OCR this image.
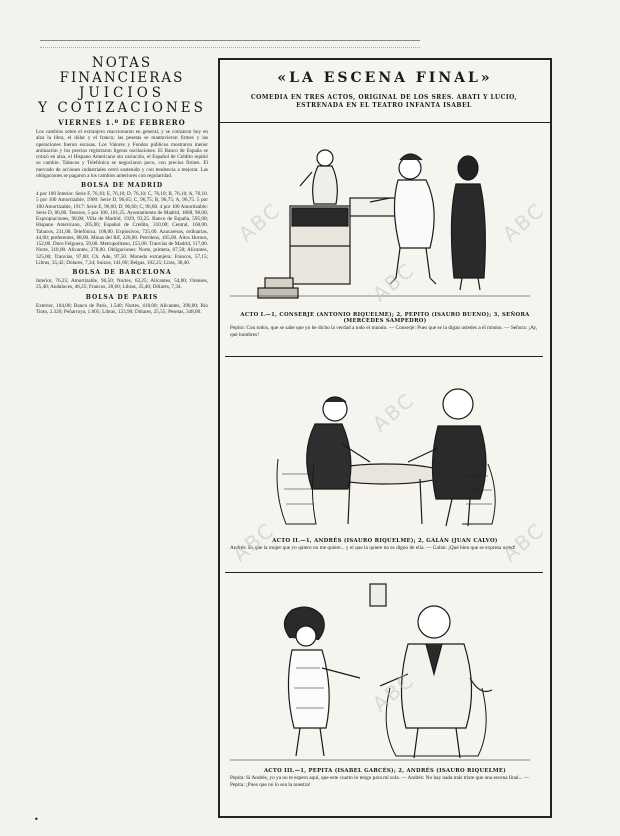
NOTAS FINANCIERAS

JUICIOS

Y COTIZACIONES

VIERNES 1.º DE FEBRERO

Los cambios sobre el extranjero reaccionaron en general, y se cotizaron hoy en alza la libra, el dólar y el franco; las pesetas se mantuvieron firmes y las operaciones fueron escasas. Los Valores y Fondos públicos mostraron menor animación y los precios registraron ligeras oscilaciones. El Banco de España se cotizó en alza, el Hispano Americano sin variación, el Español de Crédito repitió su cambio. Tabacos y Telefónica se negociaron poco, con precios firmes. El mercado de acciones industriales cerró sostenido y con tendencia a mejorar. Las obligaciones se pagaron a los cambios anteriores con regularidad.
BOLSA DE MADRID
4 por 100 Interior. Serie F, 76,10; E, 76,10; D, 76,10; C, 76,10; B, 76,10; A, 76,10. 5 por 100 Amortizable, 1900: Serie D, 96,65; C, 96,75; B, 96,75; A, 96,75. 5 por 100 Amortizable, 1917: Serie E, 96,60; D, 96,60; C, 96,60. 4 por 100 Amortizable: Serie D, 86,00. Tesoros, 5 por 100, 101,25. Ayuntamiento de Madrid, 1868, 98,00; Expropiaciones, 98,00; Villa de Madrid, 1929, 93,25. Banco de España, 595,00; Hispano Americano, 205,00; Español de Crédito, 310,00; Central, 160,00. Tabacos, 231,00. Telefónica, 108,00. Explosivos, 725,00. Azucareras, ordinarias, 44,00; preferentes, 88,00. Minas del Rif, 226,00. Petróleos, 105,00. Altos Hornos, 152,00. Duro Felguera, 59,00. Metropolitano, 155,00. Tranvías de Madrid, 117,00. Norte, 318,00. Alicantes, 278,00. Obligaciones: Norte, primera, 67,50; Alicantes, 325,00; Tranvías, 97,00; Ch. Ade, 97,50. Moneda extranjera: Francos, 57,15; Libras, 35,42; Dólares, 7,34; Suizos, 141,60; Belgas, 102,25; Liras, 38,40.
BOLSA DE BARCELONA
Interior, 76,25; Amortizable, 96,50; Nortes, 63,25; Alicantes, 54,80; Orenses, 25,40; Andaluces, 46,25; Francos, 28,60; Libras, 35,40; Dólares, 7,34.
BOLSA DE PARIS
Exterior, 104,00; Banco de París, 1.540; Nortes, 418,00; Alicantes, 390,00; Río Tinto, 2.320; Peñarroya, 1.005; Libras, 123,90; Dólares, 25,55; Pesetas, 348,00.
«LA ESCENA FINAL»
COMEDIA EN TRES ACTOS, ORIGINAL DE LOS SRES. ABATI Y LUCIO, ESTRENADA EN EL TEATRO INFANTA ISABEL
ACTO I.—1, CONSERJE (ANTONIO RIQUELME); 2, PEPITO (ISAURO BUENO); 3, SEÑORA (MERCEDES SAMPEDRO)
Pepito: Con todos, que se sabe que yo he dicho la verdad a todo el mundo. — Conserje: Pues que se la digan ustedes a él mismo. — Señora: ¡Ay, qué hombres!
ACTO II.—1, ANDRÉS (ISAURO RIQUELME); 2, GALÁN (JUAN CALVO)
Andrés: Es que la mujer que yo quiero no me quiere... y el que la quiere no es digno de ella. — Galán: ¡Qué bien que se expresa usted!
ACTO III.—1, PEPITA (ISABEL GARCÉS); 2, ANDRÉS (ISAURO RIQUELME)
Pepita: Si Andrés, yo ya no te espero aquí, que este cuarto lo tengo para mí sola. — Andrés: No hay nada más triste que una escena final... — Pepita: ¡Pues que no lo sea la nuestra!
ABC
ABC
ABC
ABC
ABC	ABC
ABC
•
